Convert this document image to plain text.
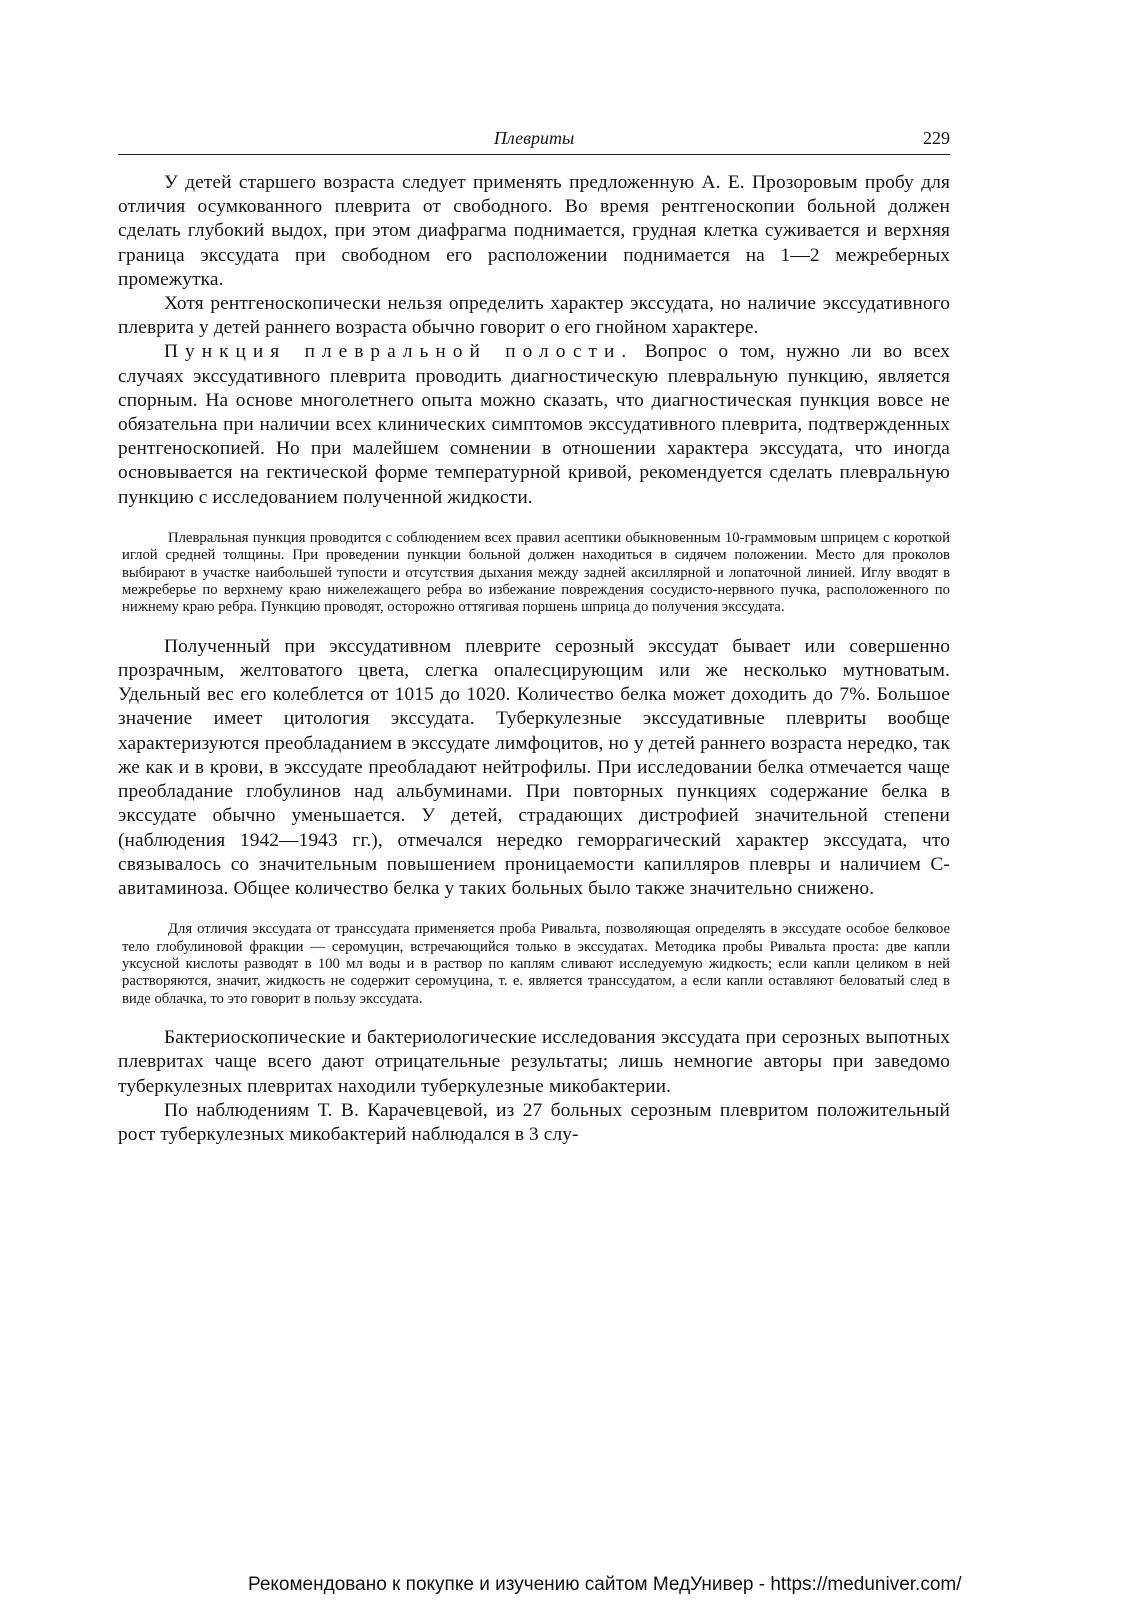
Плевриты	229

У детей старшего возраста следует применять предложенную А. Е. Прозоровым пробу для отличия осумкованного плеврита от свободного. Во время рентгеноскопии больной должен сделать глубокий выдох, при этом диафрагма поднимается, грудная клетка суживается и верхняя граница экссудата при свободном его расположении поднимается на 1—2 межреберных промежутка.

Хотя рентгеноскопически нельзя определить характер экссудата, но наличие экссудативного плеврита у детей раннего возраста обычно говорит о его гнойном характере.

Пункция плевральной полости. Вопрос о том, нужно ли во всех случаях экссудативного плеврита проводить диагностическую плевральную пункцию, является спорным. На основе многолетнего опыта можно сказать, что диагностическая пункция вовсе не обязательна при наличии всех клинических симптомов экссудативного плеврита, подтвержденных рентгеноскопией. Но при малейшем сомнении в отношении характера экссудата, что иногда основывается на гектической форме температурной кривой, рекомендуется сделать плевральную пункцию с исследованием полученной жидкости.

Плевральная пункция проводится с соблюдением всех правил асептики обыкновенным 10-граммовым шприцем с короткой иглой средней толщины. При проведении пункции больной должен находиться в сидячем положении. Место для проколов выбирают в участке наибольшей тупости и отсутствия дыхания между задней аксиллярной и лопаточной линией. Иглу вводят в межреберье по верхнему краю нижележащего ребра во избежание повреждения сосудисто-нервного пучка, расположенного по нижнему краю ребра. Пункцию проводят, осторожно оттягивая поршень шприца до получения экссудата.

Полученный при экссудативном плеврите серозный экссудат бывает или совершенно прозрачным, желтоватого цвета, слегка опалесцирующим или же несколько мутноватым. Удельный вес его колеблется от 1015 до 1020. Количество белка может доходить до 7%. Большое значение имеет цитология экссудата. Туберкулезные экссудативные плевриты вообще характеризуются преобладанием в экссудате лимфоцитов, но у детей раннего возраста нередко, так же как и в крови, в экссудате преобладают нейтрофилы. При исследовании белка отмечается чаще преобладание глобулинов над альбуминами. При повторных пункциях содержание белка в экссудате обычно уменьшается. У детей, страдающих дистрофией значительной степени (наблюдения 1942—1943 гг.), отмечался нередко геморрагический характер экссудата, что связывалось со значительным повышением проницаемости капилляров плевры и наличием С-авитаминоза. Общее количество белка у таких больных было также значительно снижено.

Для отличия экссудата от транссудата применяется проба Ривальта, позволяющая определять в экссудате особое белковое тело глобулиновой фракции — серомуцин, встречающийся только в экссудатах. Методика пробы Ривальта проста: две капли уксусной кислоты разводят в 100 мл воды и в раствор по каплям сливают исследуемую жидкость; если капли целиком в ней растворяются, значит, жидкость не содержит серомуцина, т. е. является транссудатом, а если капли оставляют беловатый след в виде облачка, то это говорит в пользу экссудата.

Бактериоскопические и бактериологические исследования экссудата при серозных выпотных плевритах чаще всего дают отрицательные результаты; лишь немногие авторы при заведомо туберкулезных плевритах находили туберкулезные микобактерии.

По наблюдениям Т. В. Карачевцевой, из 27 больных серозным плевритом положительный рост туберкулезных микобактерий наблюдался в 3 слу-

Рекомендовано к покупке и изучению сайтом МедУнивер - https://meduniver.com/
